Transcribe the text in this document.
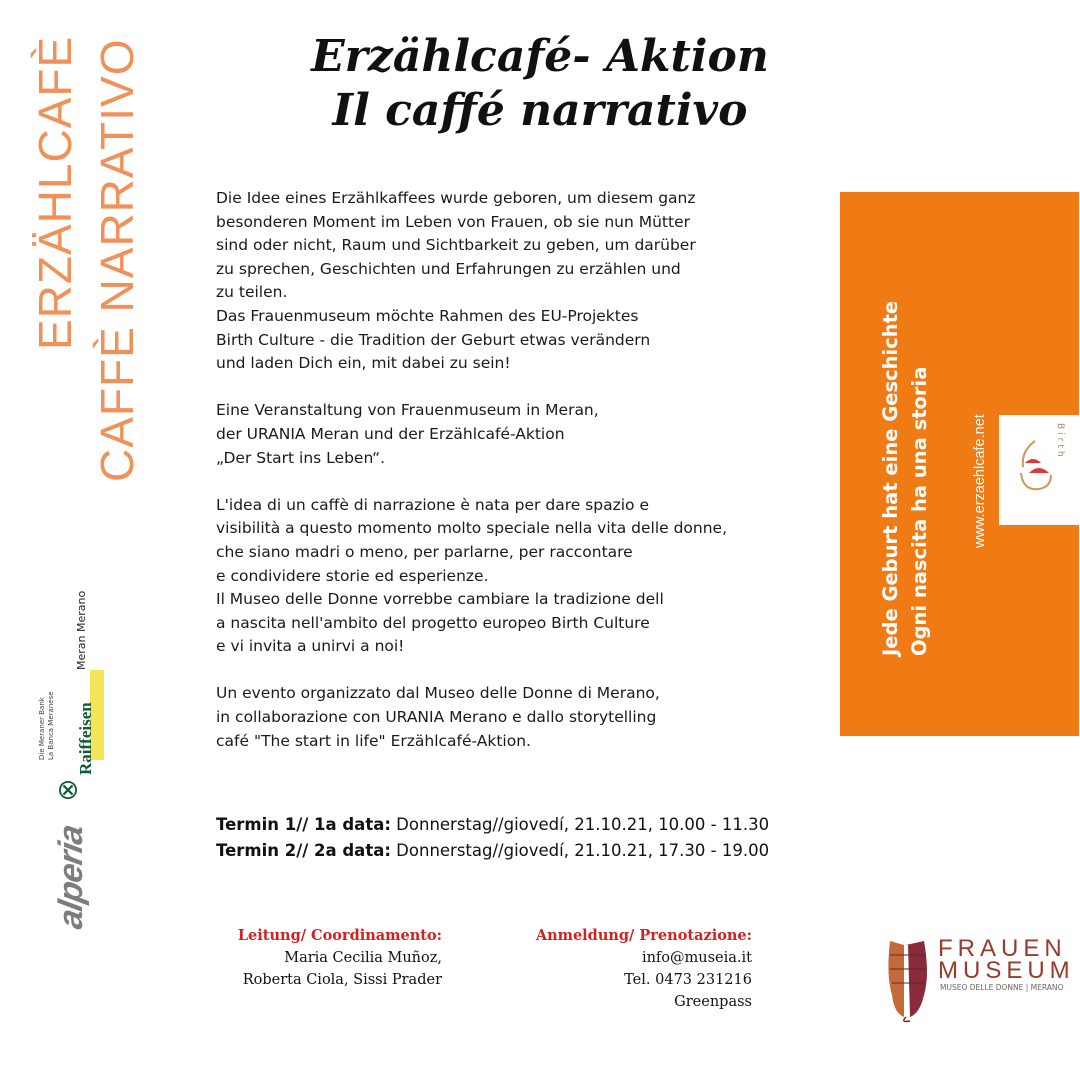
ERZÄHLCAFÈ CAFFÈ NARRATIVO
Die Meraner Bank
La Banca Meranese Raiffeisen
Meran Merano
alperia
Erzählcafé- Aktion
Il caffé narrativo

Die Idee eines Erzählkaffees wurde geboren, um diesem ganz
besonderen Moment im Leben von Frauen, ob sie nun Mütter
sind oder nicht, Raum und Sichtbarkeit zu geben, um darüber
zu sprechen, Geschichten und Erfahrungen zu erzählen und
zu teilen.
Das Frauenmuseum möchte Rahmen des EU-Projektes
Birth Culture - die Tradition der Geburt etwas verändern
und laden Dich ein, mit dabei zu sein!

Eine Veranstaltung von Frauenmuseum in Meran,
der URANIA Meran und der Erzählcafé-Aktion
„Der Start ins Leben“.

L'idea di un caffè di narrazione è nata per dare spazio e
visibilità a questo momento molto speciale nella vita delle donne,
che siano madri o meno, per parlarne, per raccontare
e condividere storie ed esperienze.
Il Museo delle Donne vorrebbe cambiare la tradizione dell
a nascita nell'ambito del progetto europeo Birth Culture
e vi invita a unirvi a noi!

Un evento organizzato dal Museo delle Donne di Merano,
in collaborazione con URANIA Merano e dallo storytelling
café "The start in life" Erzählcafé-Aktion.

Termin 1// 1a data: Donnerstag//giovedí, 21.10.21, 10.00 - 11.30
Termin 2// 2a data: Donnerstag//giovedí, 21.10.21, 17.30 - 19.00
Leitung/ Coordinamento:
Maria Cecilia Muñoz,
Roberta Ciola, Sissi Prader
Anmeldung/ Prenotazione:
info@museia.it
Tel. 0473 231216
Greenpass
Jede Geburt hat eine Geschichte Ogni nascita ha una storia	www.erzaehlcafe.net	Birth
FRAUEN
MUSEUM
MUSEO DELLE DONNE | MERANO
